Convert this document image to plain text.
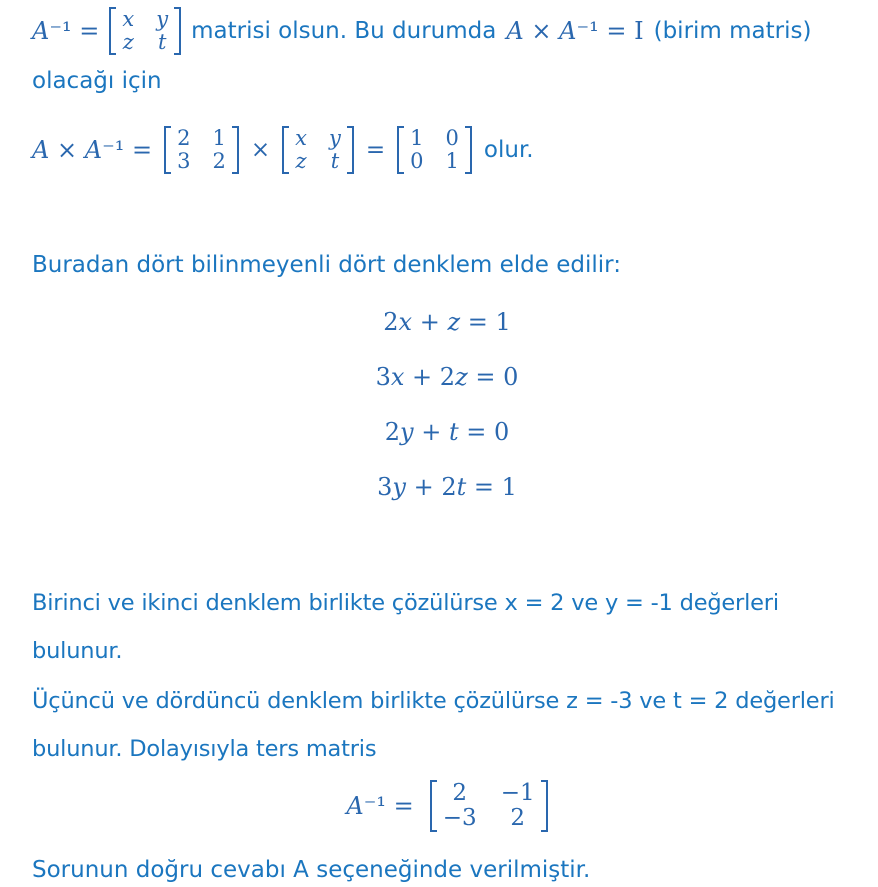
A⁻¹ = x y
z t matrisi olsun. Bu durumda A × A⁻¹ = I (birim matris)
olacağı için
A × A⁻¹ = 2 1
3 2 × x y
z t = 1 0
0 1 olur.
Buradan dört bilinmeyenli dört denklem elde edilir:
2x + z = 1
3x + 2z = 0
2y + t = 0
3y + 2t = 1

Birinci ve ikinci denklem birlikte çözülürse x = 2 ve y = -1 değerleri bulunur.

Üçüncü ve dördüncü denklem birlikte çözülürse z = -3 ve t = 2 değerleri bulunur. Dolayısıyla ters matris

A⁻¹ = 2 −1
−3 2

Sorunun doğru cevabı A seçeneğinde verilmiştir.
